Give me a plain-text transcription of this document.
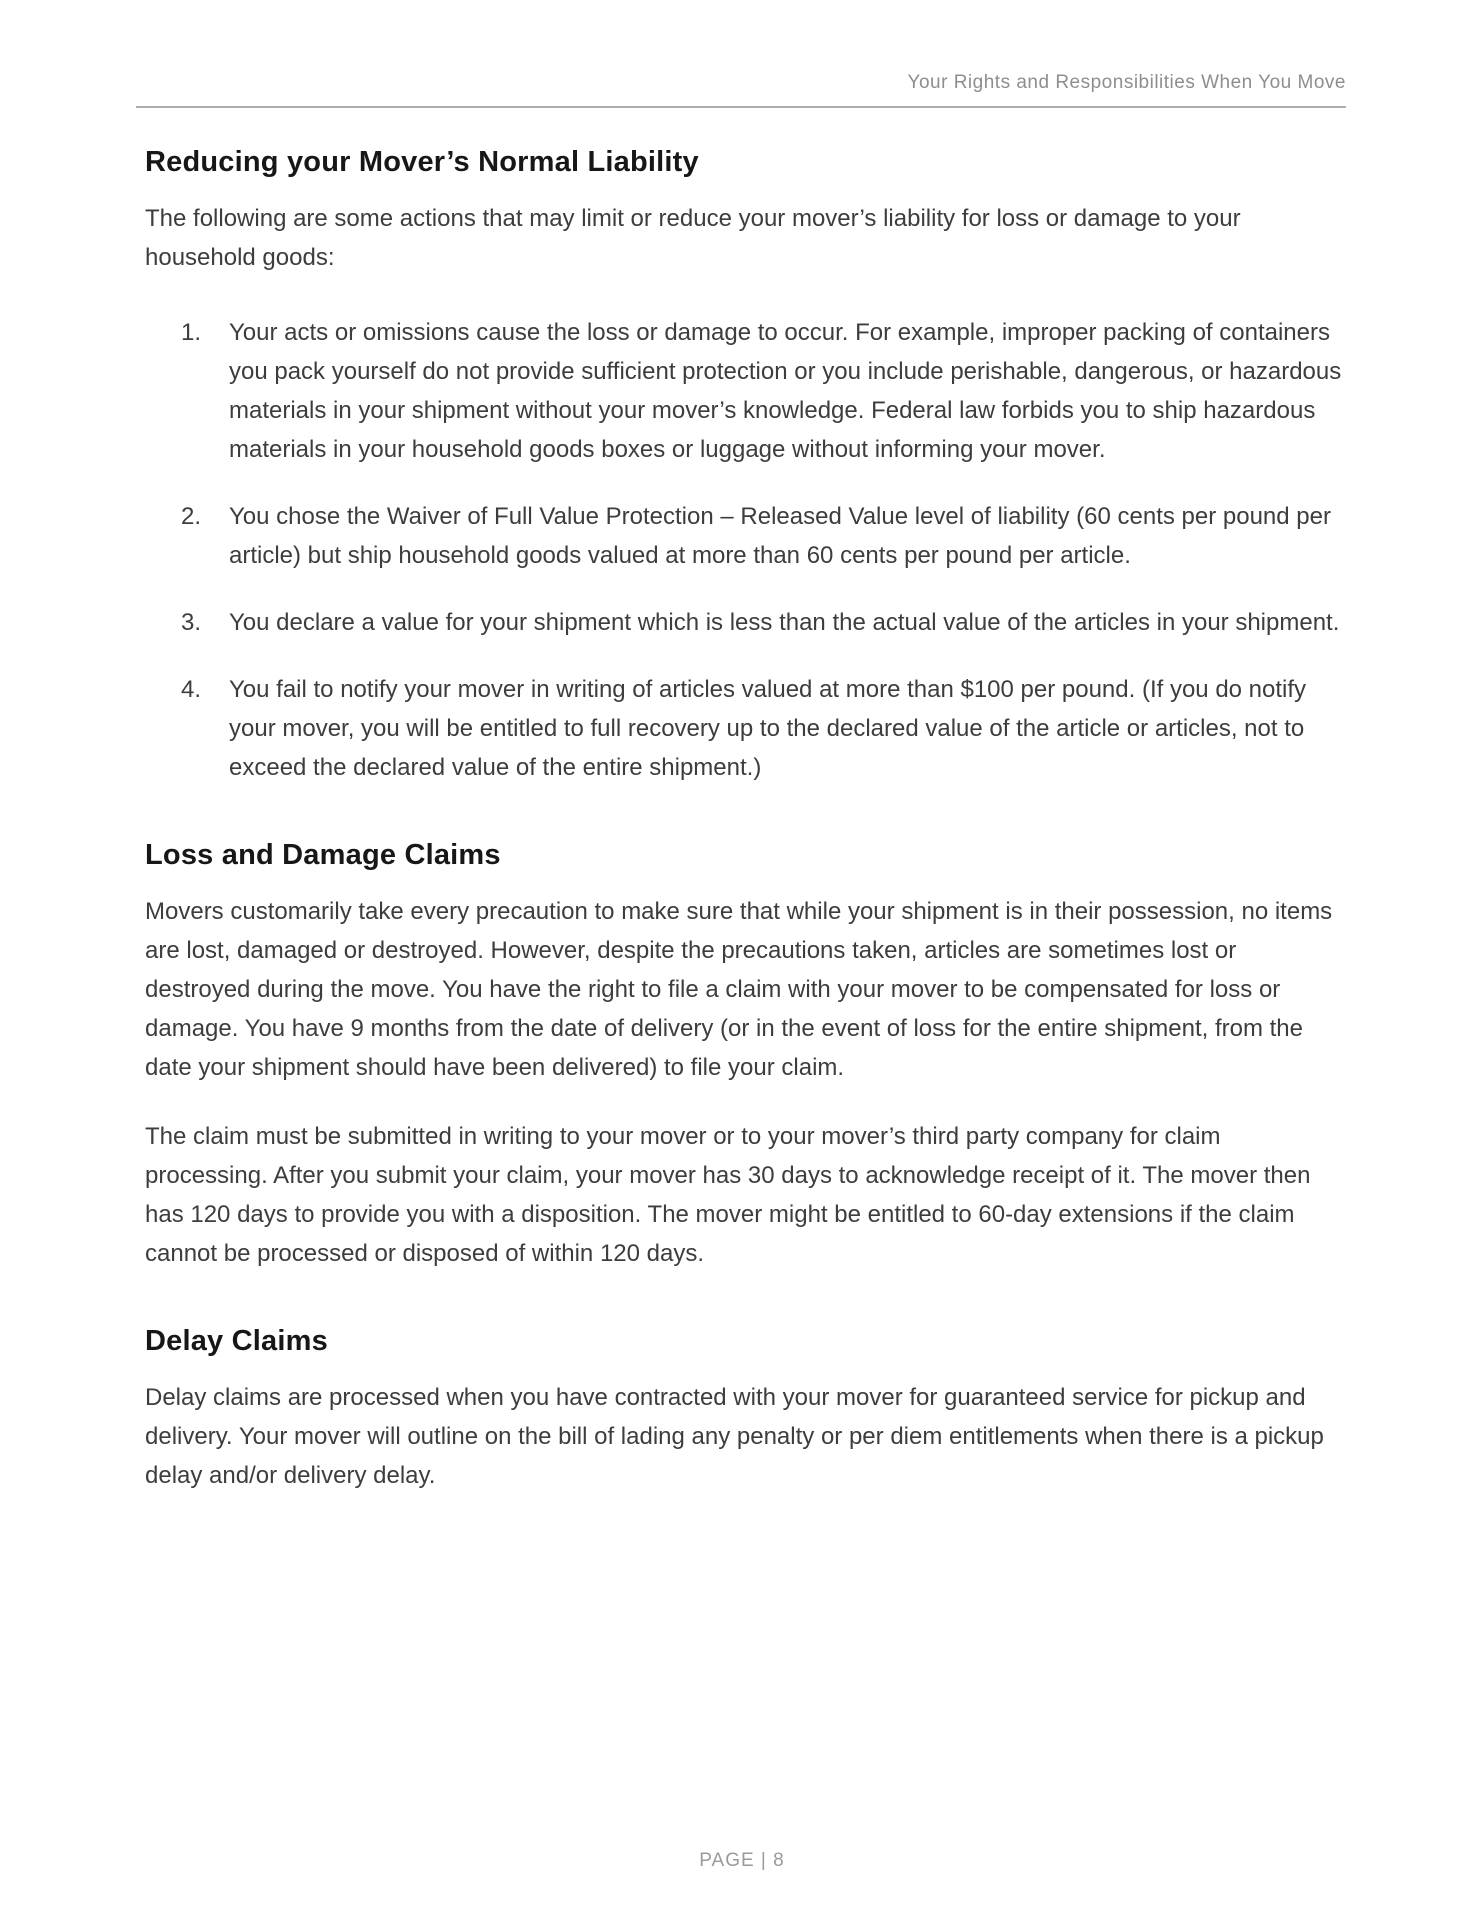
Your Rights and Responsibilities When You Move
Reducing your Mover’s Normal Liability

The following are some actions that may limit or reduce your mover’s liability for loss or damage to your household goods:

1.	Your acts or omissions cause the loss or damage to occur. For example, improper packing of containers you pack yourself do not provide sufficient protection or you include perishable, dangerous, or hazardous materials in your shipment without your mover’s knowledge. Federal law forbids you to ship hazardous materials in your household goods boxes or luggage without informing your mover.
2.	You chose the Waiver of Full Value Protection – Released Value level of liability (60 cents per pound per article) but ship household goods valued at more than 60 cents per pound per article.
3.	You declare a value for your shipment which is less than the actual value of the articles in your shipment.
4.	You fail to notify your mover in writing of articles valued at more than $100 per pound. (If you do notify your mover, you will be entitled to full recovery up to the declared value of the article or articles, not to exceed the declared value of the entire shipment.)
Loss and Damage Claims

Movers customarily take every precaution to make sure that while your shipment is in their possession, no items are lost, damaged or destroyed. However, despite the precautions taken, articles are sometimes lost or destroyed during the move. You have the right to file a claim with your mover to be compensated for loss or damage. You have 9 months from the date of delivery (or in the event of loss for the entire shipment, from the date your shipment should have been delivered) to file your claim.

The claim must be submitted in writing to your mover or to your mover’s third party company for claim processing. After you submit your claim, your mover has 30 days to acknowledge receipt of it. The mover then has 120 days to provide you with a disposition. The mover might be entitled to 60-day extensions if the claim cannot be processed or disposed of within 120 days.

Delay Claims

Delay claims are processed when you have contracted with your mover for guaranteed service for pickup and delivery. Your mover will outline on the bill of lading any penalty or per diem entitlements when there is a pickup delay and/or delivery delay.

PAGE | 8
